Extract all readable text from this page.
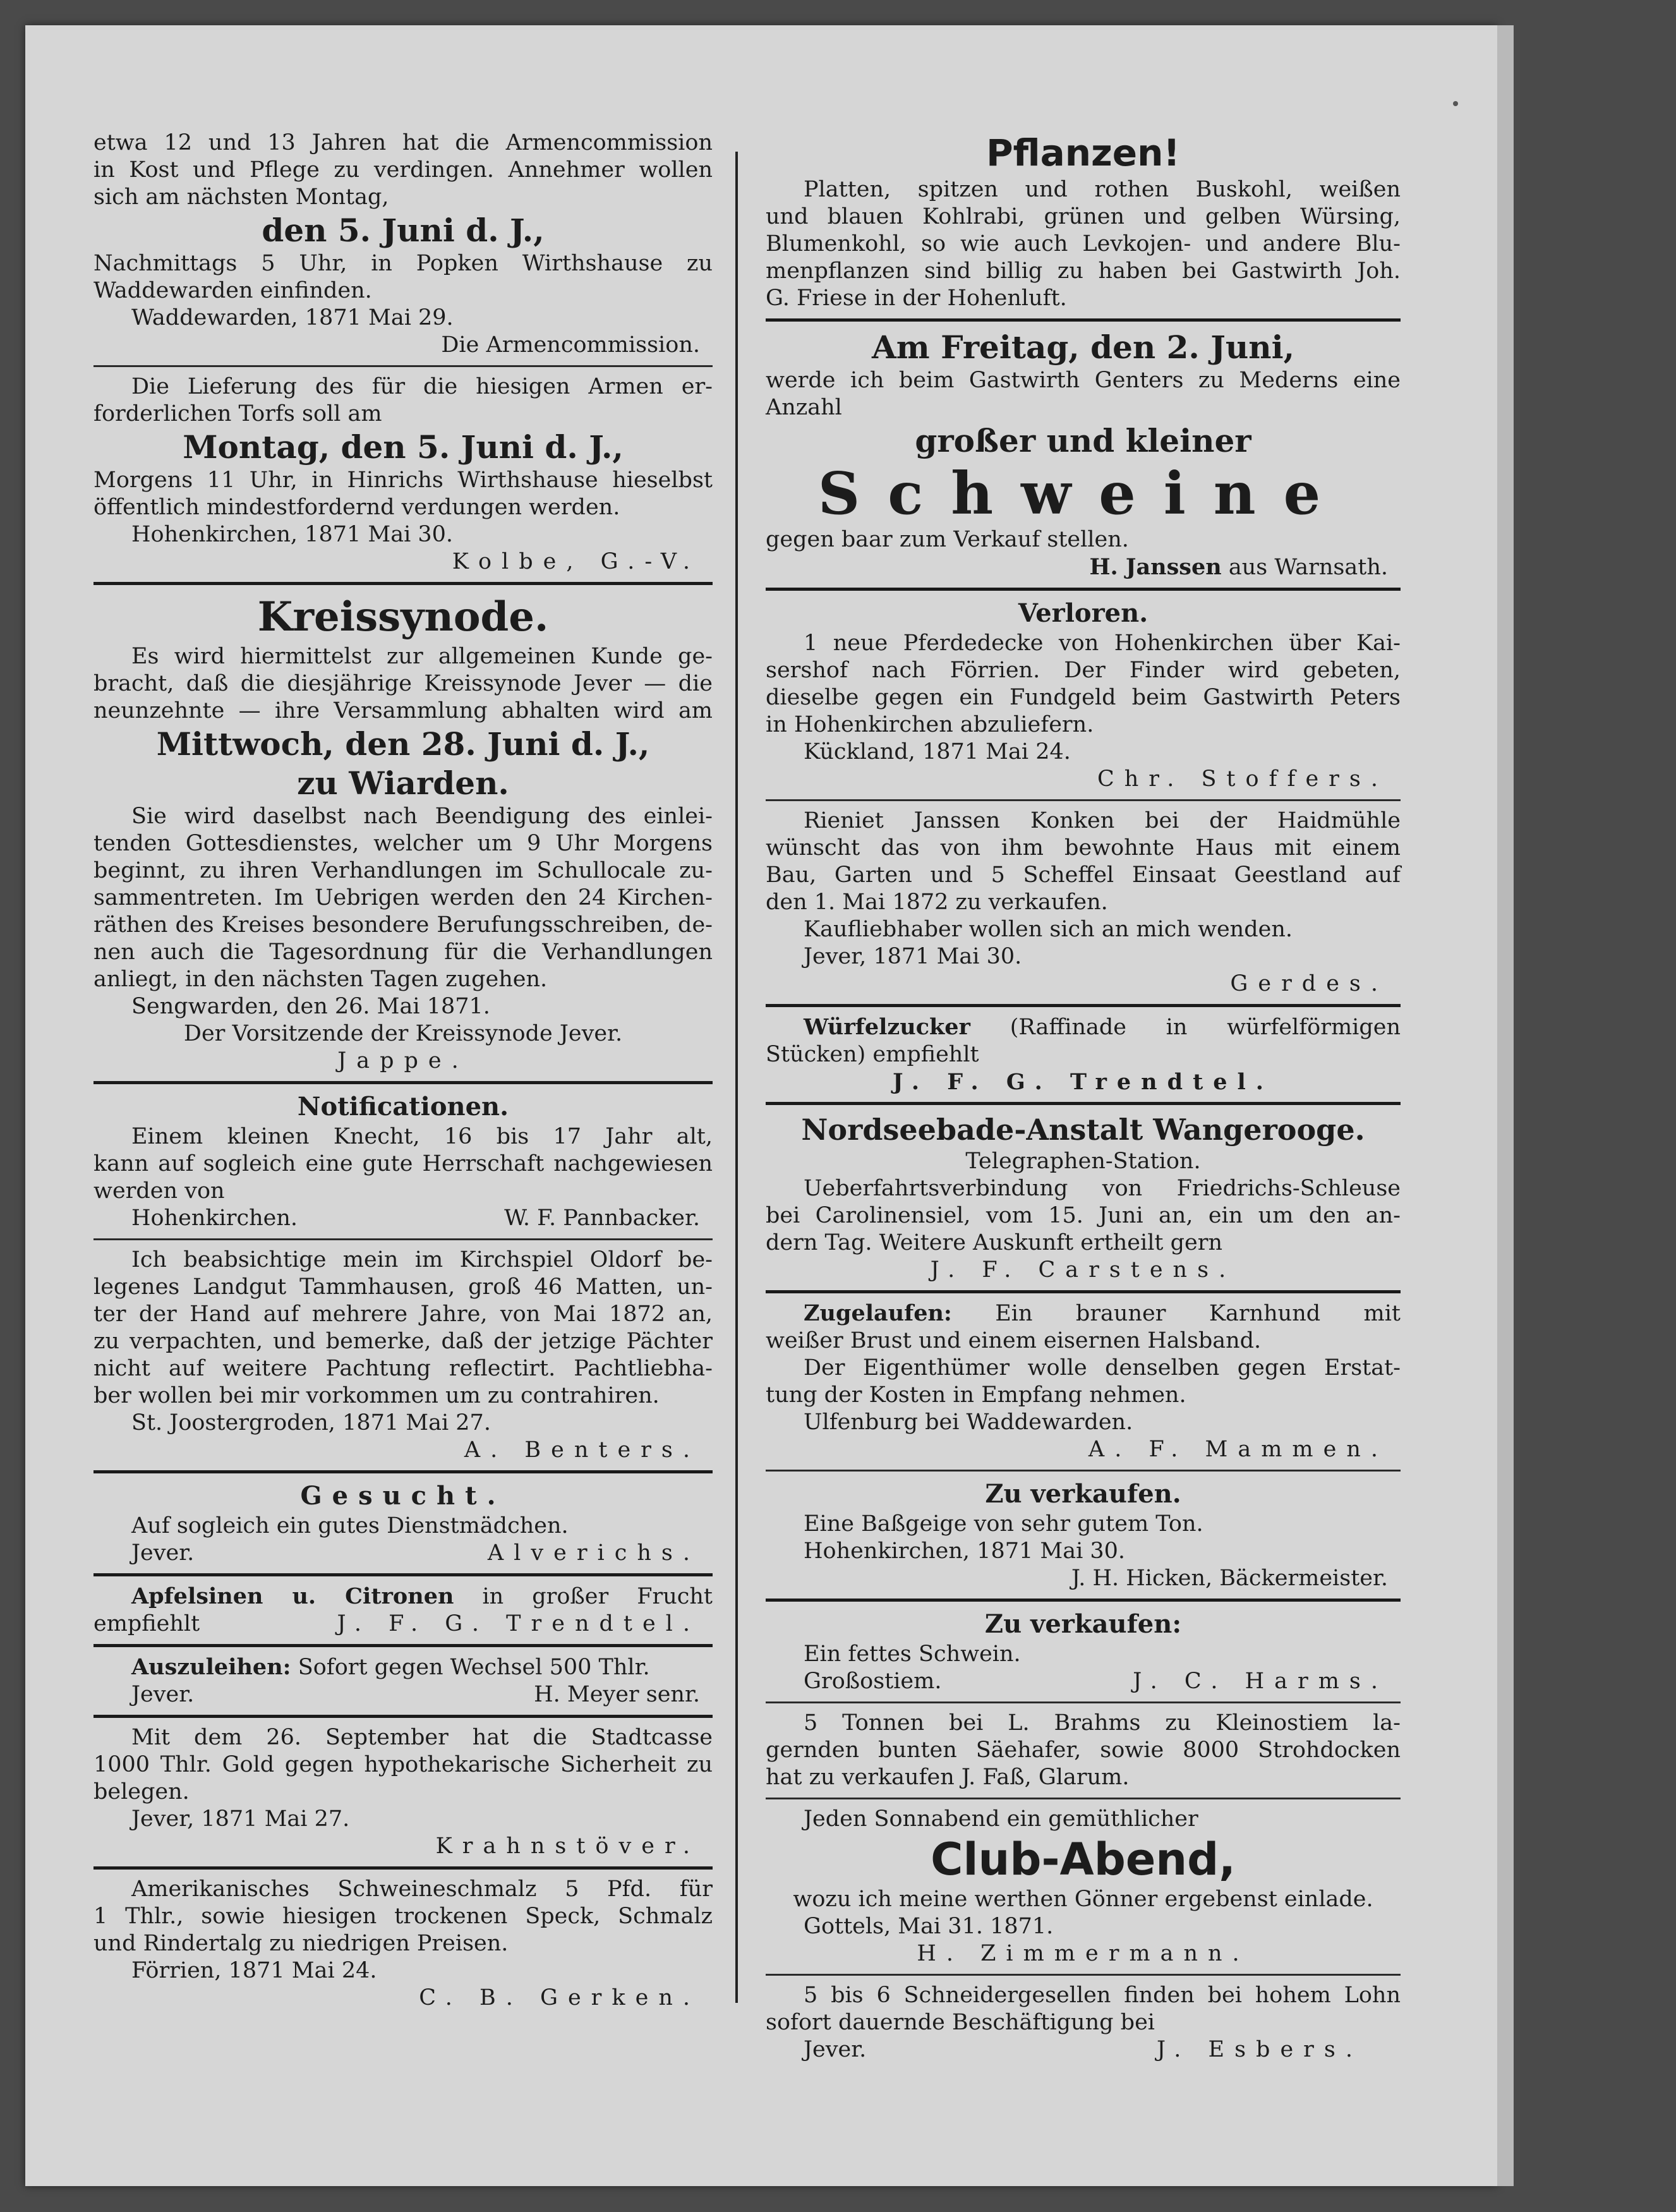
etwa 12 und 13 Jahren hat die Armencommission

in Kost und Pflege zu verdingen. Annehmer wollen

sich am nächsten Montag,

den 5. Juni d. J.,

Nachmittags 5 Uhr, in Popken Wirthshause zu

Waddewarden einfinden.

Waddewarden, 1871 Mai 29.

Die Armencommission.

Die Lieferung des für die hiesigen Armen er-

forderlichen Torfs soll am

Montag, den 5. Juni d. J.,

Morgens 11 Uhr, in Hinrichs Wirthshause hieselbst

öffentlich mindestfordernd verdungen werden.

Hohenkirchen, 1871 Mai 30.

Kolbe, G.-V.

Kreissynode.

Es wird hiermittelst zur allgemeinen Kunde ge-

bracht, daß die diesjährige Kreissynode Jever — die

neunzehnte — ihre Versammlung abhalten wird am

Mittwoch, den 28. Juni d. J.,

zu Wiarden.

Sie wird daselbst nach Beendigung des einlei-

tenden Gottesdienstes, welcher um 9 Uhr Morgens

beginnt, zu ihren Verhandlungen im Schullocale zu-

sammentreten. Im Uebrigen werden den 24 Kirchen-

räthen des Kreises besondere Berufungsschreiben, de-

nen auch die Tagesordnung für die Verhandlungen

anliegt, in den nächsten Tagen zugehen.

Sengwarden, den 26. Mai 1871.

Der Vorsitzende der Kreissynode Jever.

Jappe.

Notificationen.

Einem kleinen Knecht, 16 bis 17 Jahr alt,

kann auf sogleich eine gute Herrschaft nachgewiesen

werden von

Hohenkirchen.	W. F. Pannbacker.

Ich beabsichtige mein im Kirchspiel Oldorf be-

legenes Landgut Tammhausen, groß 46 Matten, un-

ter der Hand auf mehrere Jahre, von Mai 1872 an,

zu verpachten, und bemerke, daß der jetzige Pächter

nicht auf weitere Pachtung reflectirt. Pachtliebha-

ber wollen bei mir vorkommen um zu contrahiren.

St. Joostergroden, 1871 Mai 27.

A. Benters.

Gesucht.

Auf sogleich ein gutes Dienstmädchen.

Jever.	Alverichs.

Apfelsinen u. Citronen in großer Frucht

empfiehlt	J. F. G. Trendtel.

Auszuleihen: Sofort gegen Wechsel 500 Thlr.

Jever.	H. Meyer senr.

Mit dem 26. September hat die Stadtcasse

1000 Thlr. Gold gegen hypothekarische Sicherheit zu

belegen.

Jever, 1871 Mai 27.

Krahnstöver.

Amerikanisches Schweineschmalz 5 Pfd. für

1 Thlr., sowie hiesigen trockenen Speck, Schmalz

und Rindertalg zu niedrigen Preisen.

Förrien, 1871 Mai 24.

C. B. Gerken.

Pflanzen!

Platten, spitzen und rothen Buskohl, weißen

und blauen Kohlrabi, grünen und gelben Würsing,

Blumenkohl, so wie auch Levkojen- und andere Blu-

menpflanzen sind billig zu haben bei Gastwirth Joh.

G. Friese in der Hohenluft.

Am Freitag, den 2. Juni,

werde ich beim Gastwirth Genters zu Mederns eine

Anzahl

großer und kleiner

Schweine

gegen baar zum Verkauf stellen.

H. Janssen aus Warnsath.

Verloren.

1 neue Pferdedecke von Hohenkirchen über Kai-

sershof nach Förrien. Der Finder wird gebeten,

dieselbe gegen ein Fundgeld beim Gastwirth Peters

in Hohenkirchen abzuliefern.

Kückland, 1871 Mai 24.

Chr. Stoffers.

Rieniet Janssen Konken bei der Haidmühle

wünscht das von ihm bewohnte Haus mit einem

Bau, Garten und 5 Scheffel Einsaat Geestland auf

den 1. Mai 1872 zu verkaufen.

Kaufliebhaber wollen sich an mich wenden.

Jever, 1871 Mai 30.

Gerdes.

Würfelzucker (Raffinade in würfelförmigen

Stücken) empfiehlt

J. F. G. Trendtel.

Nordseebade-Anstalt Wangerooge.

Telegraphen-Station.

Ueberfahrtsverbindung von Friedrichs-Schleuse

bei Carolinensiel, vom 15. Juni an, ein um den an-

dern Tag. Weitere Auskunft ertheilt gern

J. F. Carstens.

Zugelaufen: Ein brauner Karnhund mit

weißer Brust und einem eisernen Halsband.

Der Eigenthümer wolle denselben gegen Erstat-

tung der Kosten in Empfang nehmen.

Ulfenburg bei Waddewarden.

A. F. Mammen.

Zu verkaufen.

Eine Baßgeige von sehr gutem Ton.

Hohenkirchen, 1871 Mai 30.

J. H. Hicken, Bäckermeister.

Zu verkaufen:

Ein fettes Schwein.

Großostiem.	J. C. Harms.

5 Tonnen bei L. Brahms zu Kleinostiem la-

gernden bunten Säehafer, sowie 8000 Strohdocken

hat zu verkaufen J. Faß, Glarum.

Jeden Sonnabend ein gemüthlicher

Club-Abend,

wozu ich meine werthen Gönner ergebenst einlade.

Gottels, Mai 31. 1871.

H. Zimmermann.

5 bis 6 Schneidergesellen finden bei hohem Lohn

sofort dauernde Beschäftigung bei

Jever.	J. Esbers.
